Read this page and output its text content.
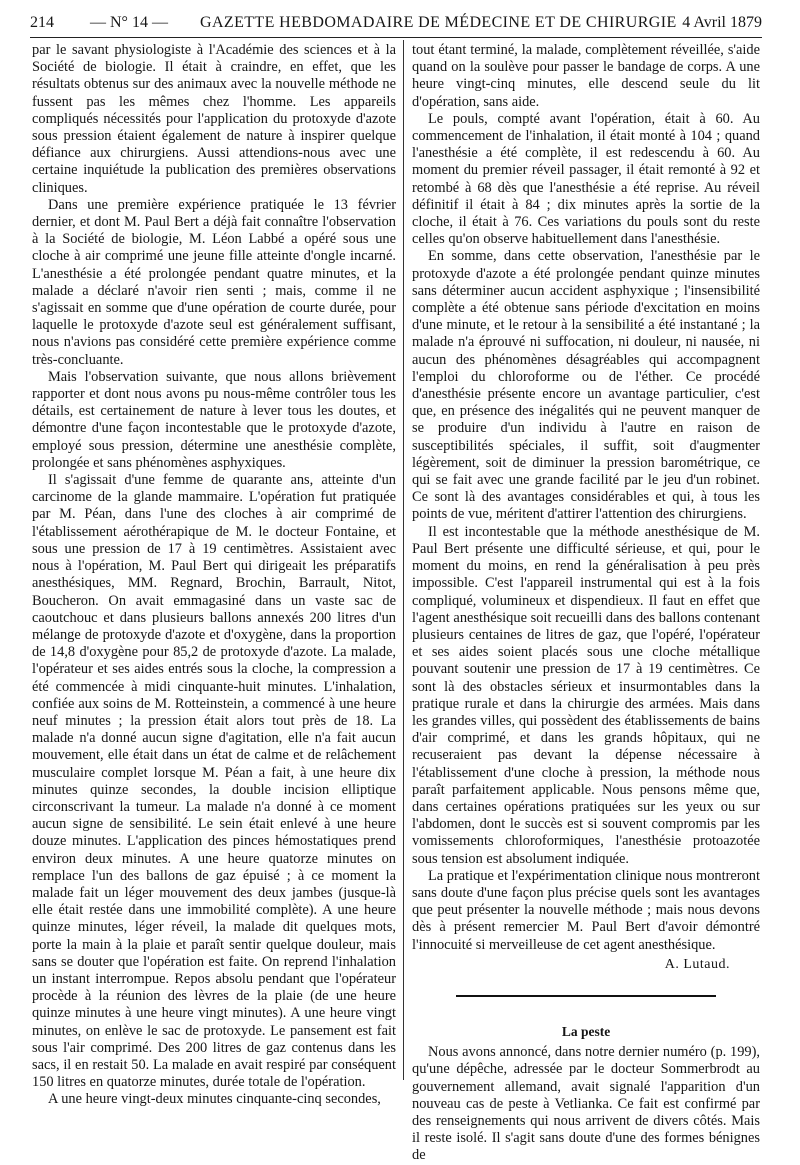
214 — N° 14 — GAZETTE HEBDOMADAIRE DE MÉDECINE ET DE CHIRURGIE 4 Avril 1879

par le savant physiologiste à l'Académie des sciences et à la Société de biologie. Il était à craindre, en effet, que les résultats obtenus sur des animaux avec la nouvelle méthode ne fussent pas les mêmes chez l'homme. Les appareils compliqués nécessités pour l'application du protoxyde d'azote sous pression étaient également de nature à inspirer quelque défiance aux chirurgiens. Aussi attendions-nous avec une certaine inquiétude la publication des premières observations cliniques.

Dans une première expérience pratiquée le 13 février dernier, et dont M. Paul Bert a déjà fait connaître l'observation à la Société de biologie, M. Léon Labbé a opéré sous une cloche à air comprimé une jeune fille atteinte d'ongle incarné. L'anesthésie a été prolongée pendant quatre minutes, et la malade a déclaré n'avoir rien senti ; mais, comme il ne s'agissait en somme que d'une opération de courte durée, pour laquelle le protoxyde d'azote seul est généralement suffisant, nous n'avions pas considéré cette première expérience comme très-concluante.

Mais l'observation suivante, que nous allons brièvement rapporter et dont nous avons pu nous-même contrôler tous les détails, est certainement de nature à lever tous les doutes, et démontre d'une façon incontestable que le protoxyde d'azote, employé sous pression, détermine une anesthésie complète, prolongée et sans phénomènes asphyxiques.

Il s'agissait d'une femme de quarante ans, atteinte d'un carcinome de la glande mammaire. L'opération fut pratiquée par M. Péan, dans l'une des cloches à air comprimé de l'établissement aérothérapique de M. le docteur Fontaine, et sous une pression de 17 à 19 centimètres. Assistaient avec nous à l'opération, M. Paul Bert qui dirigeait les préparatifs anesthésiques, MM. Regnard, Brochin, Barrault, Nitot, Boucheron. On avait emmagasiné dans un vaste sac de caoutchouc et dans plusieurs ballons annexés 200 litres d'un mélange de protoxyde d'azote et d'oxygène, dans la proportion de 14,8 d'oxygène pour 85,2 de protoxyde d'azote. La malade, l'opérateur et ses aides entrés sous la cloche, la compression a été commencée à midi cinquante-huit minutes. L'inhalation, confiée aux soins de M. Rotteinstein, a commencé à une heure neuf minutes ; la pression était alors tout près de 18. La malade n'a donné aucun signe d'agitation, elle n'a fait aucun mouvement, elle était dans un état de calme et de relâchement musculaire complet lorsque M. Péan a fait, à une heure dix minutes quinze secondes, la double incision elliptique circonscrivant la tumeur. La malade n'a donné à ce moment aucun signe de sensibilité. Le sein était enlevé à une heure douze minutes. L'application des pinces hémostatiques prend environ deux minutes. A une heure quatorze minutes on remplace l'un des ballons de gaz épuisé ; à ce moment la malade fait un léger mouvement des deux jambes (jusque-là elle était restée dans une immobilité complète). A une heure quinze minutes, léger réveil, la malade dit quelques mots, porte la main à la plaie et paraît sentir quelque douleur, mais sans se douter que l'opération est faite. On reprend l'inhalation un instant interrompue. Repos absolu pendant que l'opérateur procède à la réunion des lèvres de la plaie (de une heure quinze minutes à une heure vingt minutes). A une heure vingt minutes, on enlève le sac de protoxyde. Le pansement est fait sous l'air comprimé. Des 200 litres de gaz contenus dans les sacs, il en restait 50. La malade en avait respiré par conséquent 150 litres en quatorze minutes, durée totale de l'opération.

A une heure vingt-deux minutes cinquante-cinq secondes,

tout étant terminé, la malade, complètement réveillée, s'aide quand on la soulève pour passer le bandage de corps. A une heure vingt-cinq minutes, elle descend seule du lit d'opération, sans aide.

Le pouls, compté avant l'opération, était à 60. Au commencement de l'inhalation, il était monté à 104 ; quand l'anesthésie a été complète, il est redescendu à 60. Au moment du premier réveil passager, il était remonté à 92 et retombé à 68 dès que l'anesthésie a été reprise. Au réveil définitif il était à 84 ; dix minutes après la sortie de la cloche, il était à 76. Ces variations du pouls sont du reste celles qu'on observe habituellement dans l'anesthésie.

En somme, dans cette observation, l'anesthésie par le protoxyde d'azote a été prolongée pendant quinze minutes sans déterminer aucun accident asphyxique ; l'insensibilité complète a été obtenue sans période d'excitation en moins d'une minute, et le retour à la sensibilité a été instantané ; la malade n'a éprouvé ni suffocation, ni douleur, ni nausée, ni aucun des phénomènes désagréables qui accompagnent l'emploi du chloroforme ou de l'éther. Ce procédé d'anesthésie présente encore un avantage particulier, c'est que, en présence des inégalités qui ne peuvent manquer de se produire d'un individu à l'autre en raison de susceptibilités spéciales, il suffit, soit d'augmenter légèrement, soit de diminuer la pression barométrique, ce qui se fait avec une grande facilité par le jeu d'un robinet. Ce sont là des avantages considérables et qui, à tous les points de vue, méritent d'attirer l'attention des chirurgiens.

Il est incontestable que la méthode anesthésique de M. Paul Bert présente une difficulté sérieuse, et qui, pour le moment du moins, en rend la généralisation à peu près impossible. C'est l'appareil instrumental qui est à la fois compliqué, volumineux et dispendieux. Il faut en effet que l'agent anesthésique soit recueilli dans des ballons contenant plusieurs centaines de litres de gaz, que l'opéré, l'opérateur et ses aides soient placés sous une cloche métallique pouvant soutenir une pression de 17 à 19 centimètres. Ce sont là des obstacles sérieux et insurmontables dans la pratique rurale et dans la chirurgie des armées. Mais dans les grandes villes, qui possèdent des établissements de bains d'air comprimé, et dans les grands hôpitaux, qui ne recuseraient pas devant la dépense nécessaire à l'établissement d'une cloche à pression, la méthode nous paraît parfaitement applicable. Nous pensons même que, dans certaines opérations pratiquées sur les yeux ou sur l'abdomen, dont le succès est si souvent compromis par les vomissements chloroformiques, l'anesthésie protoazotée sous tension est absolument indiquée.

La pratique et l'expérimentation clinique nous montreront sans doute d'une façon plus précise quels sont les avantages que peut présenter la nouvelle méthode ; mais nous devons dès à présent remercier M. Paul Bert d'avoir démontré l'innocuité si merveilleuse de cet agent anesthésique.

A. Lutaud.
La peste

Nous avons annoncé, dans notre dernier numéro (p. 199), qu'une dépêche, adressée par le docteur Sommerbrodt au gouvernement allemand, avait signalé l'apparition d'un nouveau cas de peste à Vetlianka. Ce fait est confirmé par des renseignements qui nous arrivent de divers côtés. Mais il reste isolé. Il s'agit sans doute d'une des formes bénignes de
